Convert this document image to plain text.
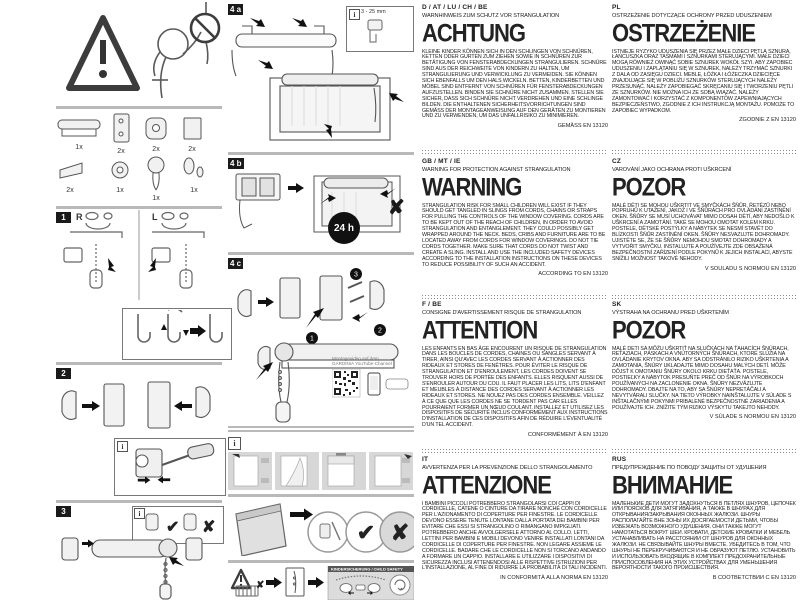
1x
2x	2x	2x
2x	1x
1x
1x
1	R	L
2
i
3	i
✔ ✘
4 a
i	3 - 25 mm
4 b
24 h
✘
4 c
1
2
3
Montagevideo auf dem
GARDINIA YouTube-Channel
i
✔ ✘
✘
KINDERSICHERUNG / CHILD SAFETY
D / AT / LU / CH / BE
WARNHINWEIS ZUM SCHUTZ VOR STRANGULATION
ACHTUNG
KLEINE KINDER KÖNNEN SICH IN DEN SCHLINGEN VON SCHNÜREN, KETTEN ODER GURTEN ZUM ZIEHEN SOWIE IN SCHNÜREN ZUR BETÄTIGUNG VON FENSTERABDECKUNGEN STRANGULIEREN. SCHNÜRE SIND AUS DER REICHWEITE VON KINDERN ZU HALTEN, UM STRANGULIERUNG UND VERWICKLUNG ZU VERMEIDEN. SIE KÖNNEN SICH EBENFALLS UM DEN HALS WICKELN. BETTEN, KINDERBETTEN UND MÖBEL SIND ENTFERNT VON SCHNÜREN FÜR FENSTERABDECKUNGEN AUFZUSTELLEN. BINDEN SIE SCHNÜRE NICHT ZUSAMMEN. STELLEN SIE SICHER, DASS SICH SCHNÜRE NICHT VERDREHEN UND EINE SCHLINGE BILDEN. DIE ENTHALTENEN SICHERHEITSVORRICHTUNGEN SIND GEMÄSS DER MONTAGEANWEISUNG AUF DEN GERÄTEN ZU MONTIEREN UND ZU VERWENDEN, UM DAS UNFALLRISIKO ZU MINIMIEREN.
GEMÄSS EN 13120
GB / MT / IE
WARNING FOR PROTECTION AGAINST STRANGULATION
WARNING
STRANGULATION RISK FOR SMALL CHILDREN WILL EXIST IF THEY SHOULD GET TANGLED IN SLINGS FROM CORDS, CHAINS OR STRAPS FOR PULLING THE CONTROLS OF THE WINDOW COVERING. CORDS ARE TO BE KEPT OUT OF THE REACH OF CHILDREN, IN ORDER TO AVOID STRANGULATION AND ENTANGLEMENT. THEY COULD POSSIBLY GET WRAPPED AROUND THE NECK. BEDS, CRIBS AND FURNITURE ARE TO BE LOCATED AWAY FROM CORDS FOR WINDOW COVERINGS. DO NOT TIE CORDS TOGETHER. MAKE SURE THAT CORDS DO NOT TWIST AND CREATE A SLING. INSTALL AND USE THE INCLUDED SAFETY DEVICES ACCORDING TO THE INSTALLATION INSTRUCTIONS ON THESE DEVICES TO REDUCE POSSIBILITY OF SUCH AN ACCIDENT.
ACCORDING TO EN 13120
F / BE
CONSIGNE D'AVERTISSEMENT RISQUE DE STRANGULATION
ATTENTION
LES ENFANTS EN BAS ÂGE ENCOURENT UN RISQUE DE STRANGULATION DANS LES BOUCLES DE CORDES, CHAINES OU SANGLES SERVANT À TIRER, AINSI QU'AVEC LES CORDES SERVANT À ACTIONNER DES RIDEAUX ET STORES DE FENÊTRES. POUR ÉVITER LE RISQUE DE STRANGULATION ET D'ENROULEMENT, LES CORDES DOIVENT SE TROUVER HORS DE PORTÉE DES ENFANTS. ELLES RISQUENT AUSSI DE S'ENROULER AUTOUR DU COU. IL FAUT PLACER LES LITS, LITS D'ENFANT ET MEUBLES À DISTANCE DES CORDES SERVANT À ACTIONNER LES RIDEAUX ET STORES. NE NOUEZ PAS DES CORDES ENSEMBLE. VEILLEZ À CE QUE QUE LES CORDES NE SE TORDENT PAS CAR ELLES POURRAIENT FORMER UN NŒUD COULANT. INSTALLEZ ET UTILISEZ LES DISPOSITIFS DE SÉCURITÉ INCLUS CONFORMÉMENT AUX INSTRUCTIONS D'INSTALLATION DE CES DISPOSITIFS AFIN DE RÉDUIRE L'ÉVENTUALITÉ D'UN TEL ACCIDENT.
CONFORMÉMENT À EN 13120
IT
AVVERTENZA PER LA PREVENZIONE DELLO STRANGOLAMENTO
ATTENZIONE
I BAMBINI PICCOLI POTREBBERO STRANGOLARSI COI CAPPI DI CORDICELLE, CATENE O CINTURE DA TIRARE NONCHÉ CON CORDICELLE PER L'AZIONAMENTO DI COPERTURE PER FINESTRE. LE CORDICELLE DEVONO ESSERE TENUTE LONTANE DALLA PORTATA DEI BAMBINI PER EVITARE CHE ESSI SI STRANGOLINO O RIMANGANO IMPIGLIATI. POTREBBERO ANCHE AVVOLGERSELE ATTORNO AL COLLO. LETTI, LETTINI PER BAMBINI E MOBILI DEVONO VENIRE INSTALLATI LONTANI DA CORDICELLE DI COPERTURE PER FINESTRE. NON LEGARE ASSIEME LE CORDICELLE. BADARE CHE LE CORDICELLE NON SI TORCANO ANDANDO A FORMARE UN CAPPIO. INSTALLARE E UTILIZZARE I DISPOSITIVI DI SICUREZZA INCLUSI ATTENENDOSI ALLE RISPETTIVE ISTRUZIONI PER L'INSTALLAZIONE, AL FINE DI RIDURRE LA PROBABILITÀ DI TALI INCIDENTI.
IN CONFORMITÀ ALLA NORMA EN 13120
PL
OSTRZEŻENIE DOTYCZĄCE OCHRONY PRZED UDUSZENIEM
OSTRZEŻENIE
ISTNIEJE RYZYKO UDUSZENIA SIĘ PRZEZ MAŁE DZIECI PĘTLĄ SZNURA, ŁAŃCUSZKA ORAZ TAŚMAMI I SZNURKAMI STERUJĄCYMI. MAŁE DZIECI MOGĄ RÓWNIEŻ OWINĄĆ SOBIE SZNUREK WOKÓŁ SZYI. ABY ZAPOBIEC UDUSZENIU I ZAPLĄTANIU SIĘ W SZNUREK, NALEŻY TRZYMAĆ SZNURKI Z DALA OD ZASIĘGU DZIECI. MEBLE, ŁÓŻKA I ŁÓŻECZKA DZIECIĘCE ZNAJDUJĄCE SIĘ W POBLIŻU SZNURKÓW STERUJĄCYCH NALEŻY PRZESUNĄĆ. NALEŻY ZAPOBIEGAĆ SKRĘCANIU SIĘ I TWORZENIU PĘTLI ZE SZNURKÓW. NIE MOŻNA ICH ZE SOBĄ WIĄZAĆ. NALEŻY ZAMONTOWAĆ I KORZYSTAĆ Z KOMPONENTÓW ZAPEWNIAJĄCYCH BEZPIECZEŃSTWO, ZGODNIE Z ICH INSTRUKCJĄ MONTAŻU. POMOŻE TO ZAPOBIEC WYPADKOM.
ZGODNIE Z EN 13120
CZ
VAROVÁNÍ JAKO OCHRANA PROTI UŠKRCENÍ
POZOR
MALÉ DĚTI SE MOHOU UŠKRTIT VE SMYČKÁCH ŠŇŮR, ŘETĚZŮ NEBO POPRUHŮ K UTAŽENÍ, JAKOŽ I VE ŠŇŮRÁCH PRO OVLÁDÁNÍ ZASTÍNĚNÍ OKEN. ŠŇŮRY SE MUSÍ UCHOVÁVAT MIMO DOSAH DĚTÍ, ABY NEDOŠLO K UŠKRCENÍ A ZAMOTÁNÍ. TAKÉ SE MOHOU OMOTAT KOLEM KRKU. POSTELE, DĚTSKÉ POSTÝLKY A NÁBYTEK SE NESMÍ STAVĚT DO BLÍZKOSTI ŠŇŮR ZASTÍNĚNÍ OKEN. ŠŇŮRY NESVAZUJTE DOHROMADY. UJISTĚTE SE, ŽE SE ŠŇŮRY NEMOHOU SMOTAT DOHROMADY A VYTVOŘIT SMYČKU. INSTALUJTE A POUŽÍVEJTE ZDE OBSAŽENÁ BEZPEČNOSTNÍ ZAŘÍZENÍ PODLE POKYNŮ K JEJICH INSTALACI, ABYSTE SNÍŽILI MOŽNOST TAKOVÉ NEHODY.
V SOULADU S NORMOU EN 13120
SK
VÝSTRAHA NA OCHRANU PRED UŠKRTENÍM
POZOR
MALÉ DETI SA MÔŽU UŠKRTIŤ NA SLUČKÁCH NA ŤAHACÍCH ŠNÚRACH, REŤAZIACH, PÁSKACH A VNÚTORNÝCH ŠNÚRACH, KTORÉ SLÚŽIA NA OVLÁDANIE KRYTOV OKNA. ABY SA ODSTRÁNILO RIZIKO UŠKRTENIA A ZAMOTANIA, ŠNÚRY UKLADAJTE MIMO DOSAHU MALÝCH DETÍ. MÔŽE DÔJSŤ K OMOTANIU ŠNÚRY OKOLO KRKU DIEŤAŤA. POSTELE, POSTIEĽKY A NÁBYTOK PRESUŇTE PREČ OD ŠNÚR NA VÝROBKOCH POUŽÍVANÝCH NA ZACLONENIE OKNA. ŠNÚRY NEZVÄZUJTE DOHROMADY. DBAJTE NA TO, ABY SA ŠNÚRY NEPRETÁČALI A NEVYTVÁRALI SLUČKY. NA TIETO VÝROBKY NAINŠTALUJTE V SÚLADE S INŠTALAČNÝMI POKYNMI PRIBALENÉ BEZPEČNOSTNÉ ZARIADENIA A POUŽÍVAJTE ICH. ZNÍŽITE TÝM RIZIKO VÝSKYTU TAKEJTO NEHODY.
V SÚLADE S NORMOU EN 13120
RUS
ПРЕДУПРЕЖДЕНИЕ ПО ПОВОДУ ЗАЩИТЫ ОТ УДУШЕНИЯ
ВНИМАНИЕ
МАЛЕНЬКИЕ ДЕТИ МОГУТ ЗАДОХНУТЬСЯ В ПЕТЛЯХ ШНУРОВ, ЦЕПОЧЕК ИЛИ ПОЯСКОВ ДЛЯ ЗАТЯГИВАНИЯ, А ТАКЖЕ В ШНУРАХ ДЛЯ ОТКРЫВАНИЯ/ЗАКРЫВАНИЯ ОКОННЫХ ЖАЛЮЗИ. ШНУРЫ РАСПОЛАГАЙТЕ ВНЕ ЗОНЫ ИХ ДОСЯГАЕМОСТИ ДЕТЬМИ, ЧТОБЫ ИЗБЕЖАТЬ ВОЗМОЖНОГО УДУШЕНИЯ. ОНИ ТАКЖЕ МОГУТ НАМОТАТЬСЯ ВОКРУГ ШЕИ. КРОВАТИ, ДЕТСКИЕ КРОВАТКИ И МЕБЕЛЬ УСТАНАВЛИВАТЬ НА РАССТОЯНИИ ОТ ШНУРОВ ДЛЯ ОКОННЫХ ЖАЛЮЗИ. НЕ СВЯЗЫВАЙТЕ ШНУРЫ ВМЕСТЕ. УБЕДИТЕСЬ В ТОМ, ЧТО ШНУРЫ НЕ ПЕРЕКРУЧИВАЮТСЯ И НЕ ОБРАЗУЮТ ПЕТЛЮ. УСТАНОВИТЬ И ИСПОЛЬЗОВАТЬ ВХОДЯЩИЕ В КОМПЛЕКТ ПРЕДОХРАНИТЕЛЬНЫЕ ПРИСПОСОБЛЕНИЯ НА ЭТИХ УСТРОЙСТВАХ ДЛЯ УМЕНЬШЕНИЯ ВЕРОЯТНОСТИ ТАКОГО ПРОИСШЕСТВИЯ.
В СООТВЕТСТВИИ С EN 13120
